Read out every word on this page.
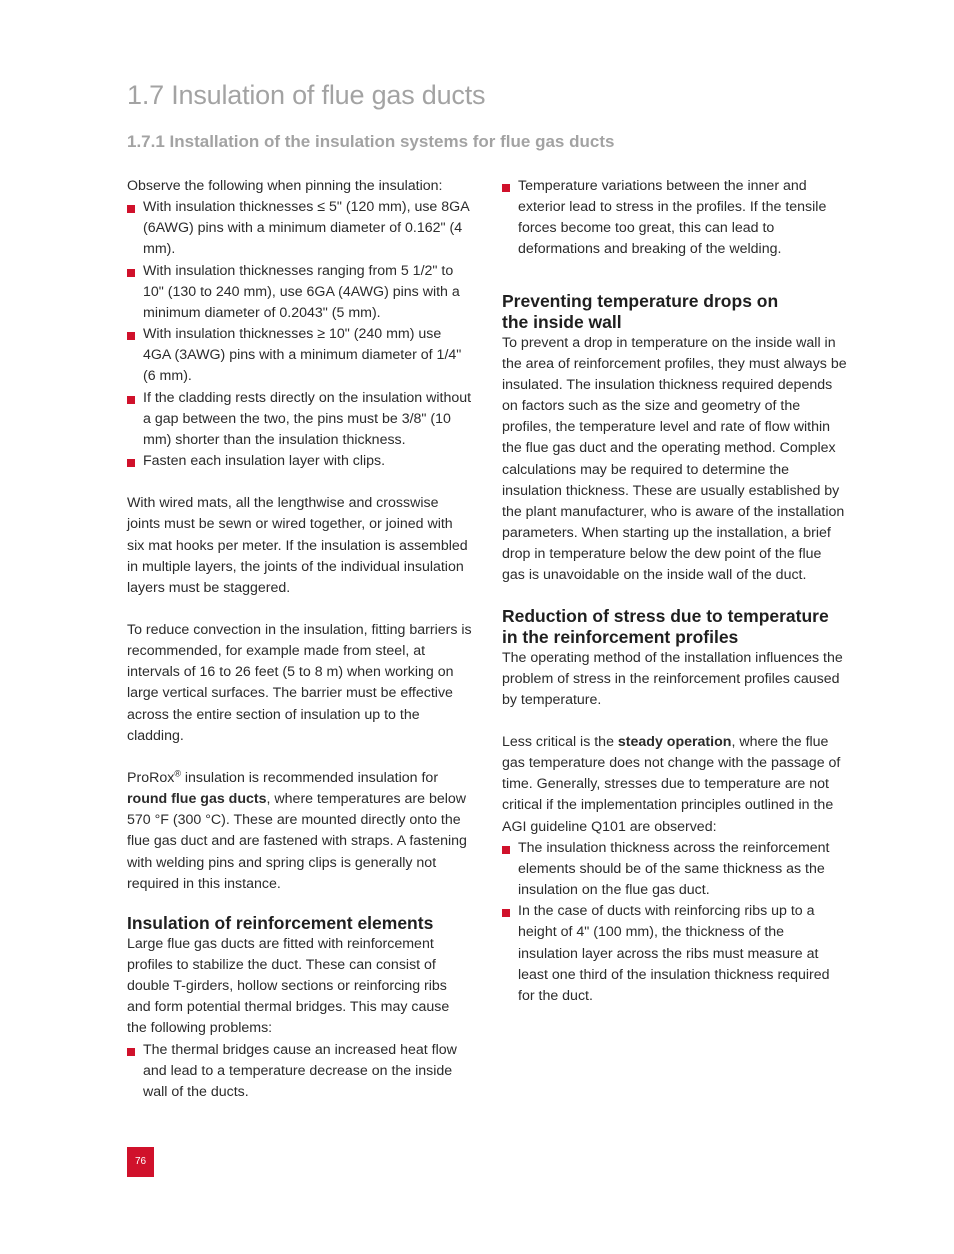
1.7 Insulation of flue gas ducts
1.7.1 Installation of the insulation systems for flue gas ducts

Observe the following when pinning the insulation:

With insulation thicknesses ≤ 5" (120 mm), use 8GA (6AWG) pins with a minimum diameter of 0.162" (4 mm).
With insulation thicknesses ranging from 5 1/2" to 10" (130 to 240 mm), use 6GA (4AWG) pins with a minimum diameter of 0.2043" (5 mm).
With insulation thicknesses ≥ 10" (240 mm) use 4GA (3AWG) pins with a minimum diameter of 1/4" (6 mm).
If the cladding rests directly on the insulation without a gap between the two, the pins must be 3/8" (10 mm) shorter than the insulation thickness.
Fasten each insulation layer with clips.

With wired mats, all the lengthwise and crosswise joints must be sewn or wired together, or joined with six mat hooks per meter. If the insulation is assembled in multiple layers, the joints of the individual insulation layers must be staggered.

To reduce convection in the insulation, fitting barriers is recommended, for example made from steel, at intervals of 16 to 26 feet (5 to 8 m) when working on large vertical surfaces. The barrier must be effective across the entire section of insulation up to the cladding.

ProRox® insulation is recommended insulation for round flue gas ducts, where temperatures are below 570 °F (300 °C). These are mounted directly onto the flue gas duct and are fastened with straps. A fastening with welding pins and spring clips is generally not required in this instance.

Insulation of reinforcement elements

Large flue gas ducts are fitted with reinforcement profiles to stabilize the duct. These can consist of double T-girders, hollow sections or reinforcing ribs and form potential thermal bridges. This may cause the following problems:

The thermal bridges cause an increased heat flow and lead to a temperature decrease on the inside wall of the ducts.
Temperature variations between the inner and exterior lead to stress in the profiles. If the tensile forces become too great, this can lead to deformations and breaking of the welding.
Preventing temperature drops on
the inside wall

To prevent a drop in temperature on the inside wall in the area of reinforcement profiles, they must always be insulated. The insulation thickness required depends on factors such as the size and geometry of the profiles, the temperature level and rate of flow within the flue gas duct and the operating method. Complex calculations may be required to determine the insulation thickness. These are usually established by the plant manufacturer, who is aware of the installation parameters. When starting up the installation, a brief drop in temperature below the dew point of the flue gas is unavoidable on the inside wall of the duct.

Reduction of stress due to temperature in the reinforcement profiles

The operating method of the installation influences the problem of stress in the reinforcement profiles caused by temperature.

Less critical is the steady operation, where the flue gas temperature does not change with the passage of time. Generally, stresses due to temperature are not critical if the implementation principles outlined in the AGI guideline Q101 are observed:

The insulation thickness across the reinforcement elements should be of the same thickness as the insulation on the flue gas duct.
In the case of ducts with reinforcing ribs up to a height of 4" (100 mm), the thickness of the insulation layer across the ribs must measure at least one third of the insulation thickness required for the duct.
76
